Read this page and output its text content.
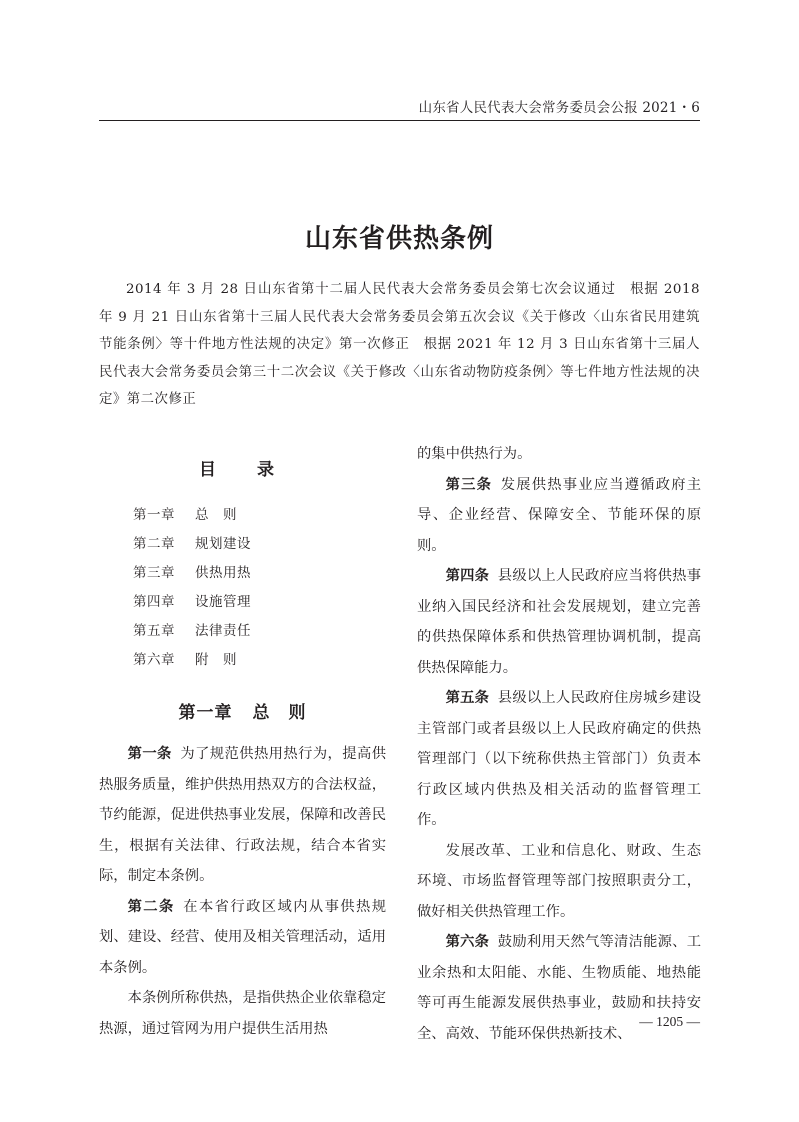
山东省人民代表大会常务委员会公报 2021・6
山东省供热条例

2014 年 3 月 28 日山东省第十二届人民代表大会常务委员会第七次会议通过　根据 2018 年 9 月 21 日山东省第十三届人民代表大会常务委员会第五次会议《关于修改〈山东省民用建筑节能条例〉等十件地方性法规的决定》第一次修正　根据 2021 年 12 月 3 日山东省第十三届人民代表大会常务委员会第三十二次会议《关于修改〈山东省动物防疫条例〉等七件地方性法规的决定》第二次修正

目　录
第一章 总　则
第二章 规划建设
第三章 供热用热
第四章 设施管理
第五章 法律责任
第六章 附　则
第一章 总　则

第一条 为了规范供热用热行为，提高供热服务质量，维护供热用热双方的合法权益，节约能源，促进供热事业发展，保障和改善民生，根据有关法律、行政法规，结合本省实际，制定本条例。

第二条 在本省行政区域内从事供热规划、建设、经营、使用及相关管理活动，适用本条例。

本条例所称供热，是指供热企业依靠稳定热源，通过管网为用户提供生活用热

的集中供热行为。

第三条 发展供热事业应当遵循政府主导、企业经营、保障安全、节能环保的原则。

第四条 县级以上人民政府应当将供热事业纳入国民经济和社会发展规划，建立完善的供热保障体系和供热管理协调机制，提高供热保障能力。

第五条 县级以上人民政府住房城乡建设主管部门或者县级以上人民政府确定的供热管理部门（以下统称供热主管部门）负责本行政区域内供热及相关活动的监督管理工作。

发展改革、工业和信息化、财政、生态环境、市场监督管理等部门按照职责分工，做好相关供热管理工作。

第六条 鼓励利用天然气等清洁能源、工业余热和太阳能、水能、生物质能、地热能等可再生能源发展供热事业，鼓励和扶持安全、高效、节能环保供热新技术、

— 1205 —
